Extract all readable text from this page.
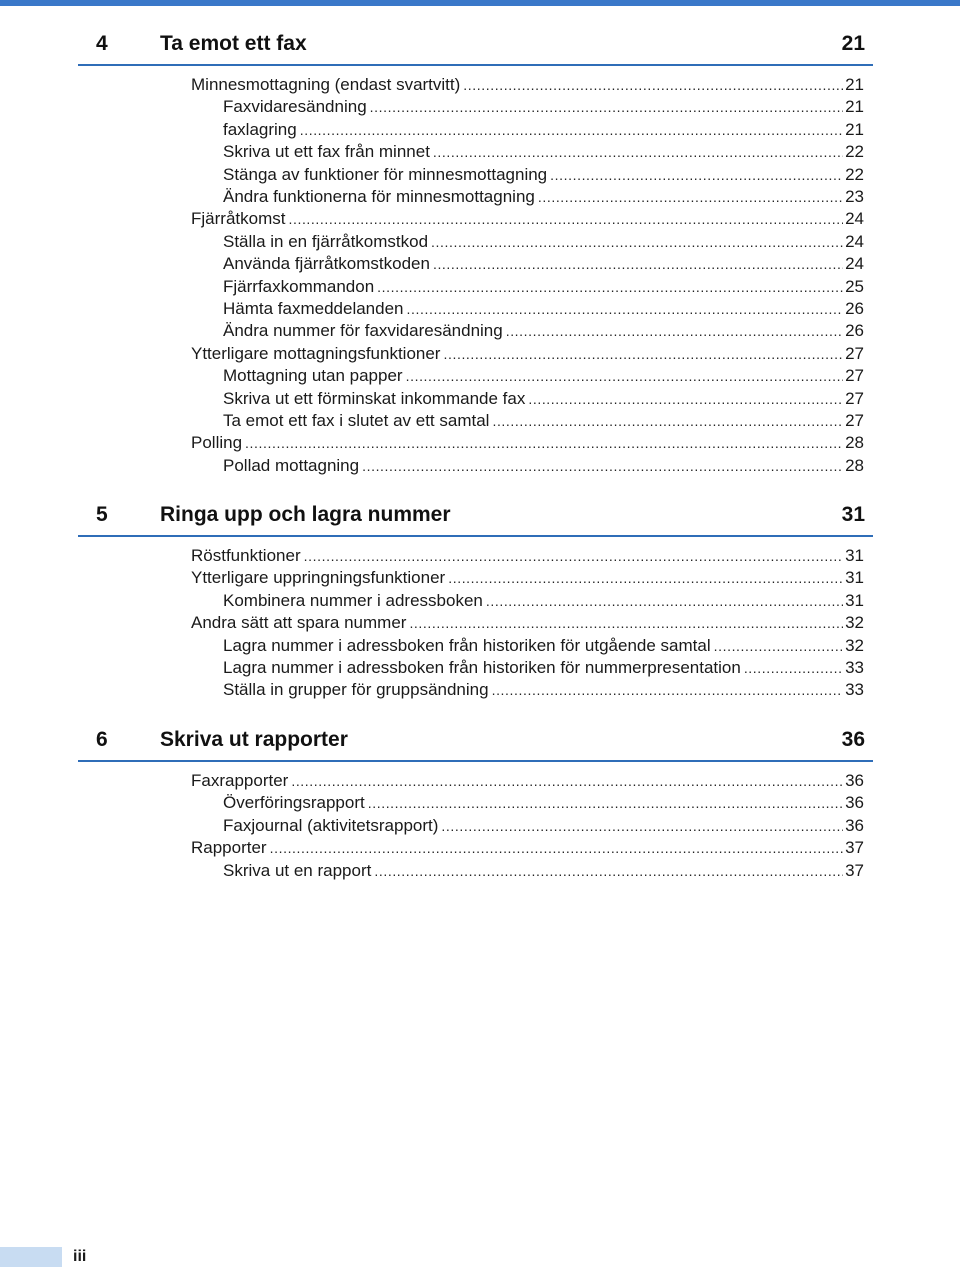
4 Ta emot ett fax	21
Minnesmottagning (endast svartvitt) .....	21
Faxvidaresändning .....	21
faxlagring .....	21
Skriva ut ett fax från minnet .....	22
Stänga av funktioner för minnesmottagning .....	22
Ändra funktionerna för minnesmottagning .....	23
Fjärråtkomst .....	24
Ställa in en fjärråtkomstkod .....	24
Använda fjärråtkomstkoden .....	24
Fjärrfaxkommandon .....	25
Hämta faxmeddelanden .....	26
Ändra nummer för faxvidaresändning .....	26
Ytterligare mottagningsfunktioner .....	27
Mottagning utan papper .....	27
Skriva ut ett förminskat inkommande fax .....	27
Ta emot ett fax i slutet av ett samtal .....	27
Polling .....	28
Pollad mottagning .....	28
5 Ringa upp och lagra nummer	31
Röstfunktioner .....	31
Ytterligare uppringningsfunktioner .....	31
Kombinera nummer i adressboken .....	31
Andra sätt att spara nummer .....	32
Lagra nummer i adressboken från historiken för utgående samtal .....	32
Lagra nummer i adressboken från historiken för nummerpresentation .....	33
Ställa in grupper för gruppsändning .....	33
6 Skriva ut rapporter	36
Faxrapporter .....	36
Överföringsrapport .....	36
Faxjournal (aktivitetsrapport) .....	36
Rapporter .....	37
Skriva ut en rapport .....	37
iii
